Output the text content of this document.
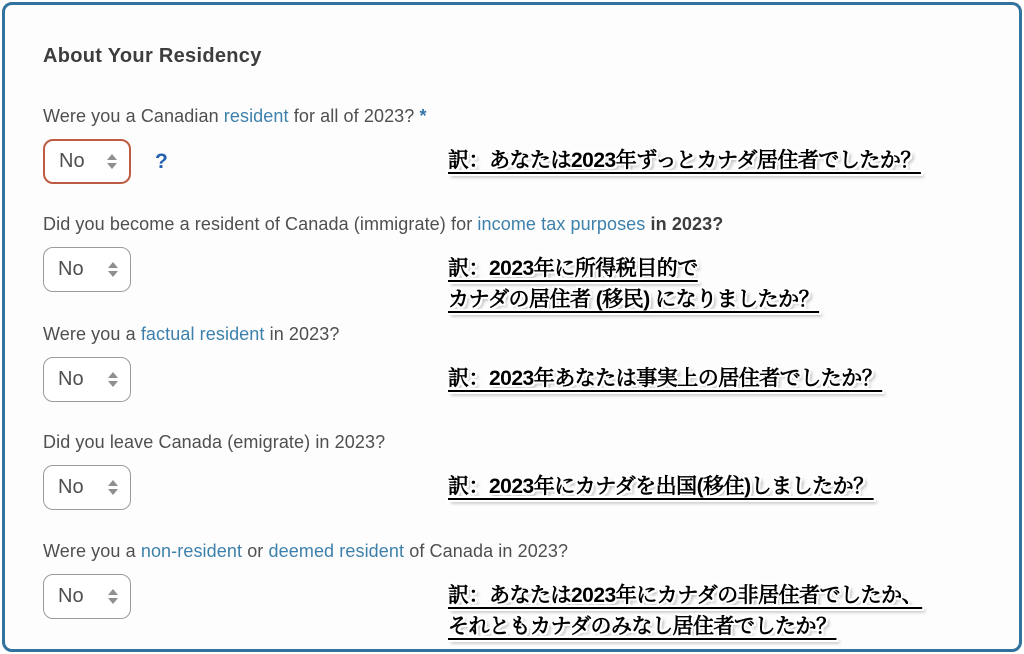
About Your Residency
Were you a Canadian resident for all of 2023? *
No	?	訳：あなたは2023年ずっとカナダ居住者でしたか？
Did you become a resident of Canada (immigrate) for income tax purposes in 2023?
No	訳：2023年に所得税目的で
カナダの居住者 (移民) になりましたか？
Were you a factual resident in 2023?
No	訳：2023年あなたは事実上の居住者でしたか？
Did you leave Canada (emigrate) in 2023?
No	訳：2023年にカナダを出国(移住)しましたか？
Were you a non-resident or deemed resident of Canada in 2023?
No	訳：あなたは2023年にカナダの非居住者でしたか、
それともカナダのみなし居住者でしたか？
